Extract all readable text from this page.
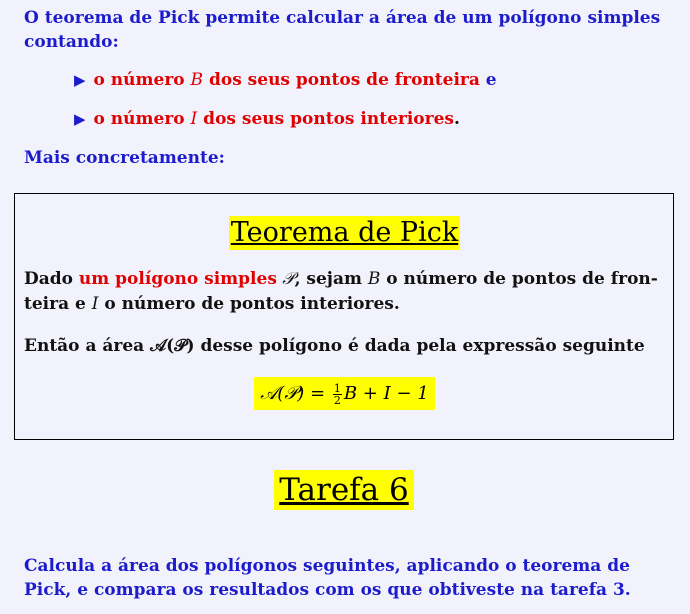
O teorema de Pick permite calcular a área de um polígono simples contando:
▶ o número B dos seus pontos de fronteira e
▶ o número I dos seus pontos interiores.
Mais concretamente:
Teorema de Pick
Dado um polígono simples 𝒫, sejam B o número de pontos de fron-
teira e I o número de pontos interiores.
Então a área 𝒜(𝒫) desse polígono é dada pela expressão seguinte
𝒜(𝒫) = $\frac{1}{2}$ B + I − 1
Tarefa 6
Calcula a área dos polígonos seguintes, aplicando o teorema de Pick, e compara os resultados com os que obtiveste na tarefa 3.
